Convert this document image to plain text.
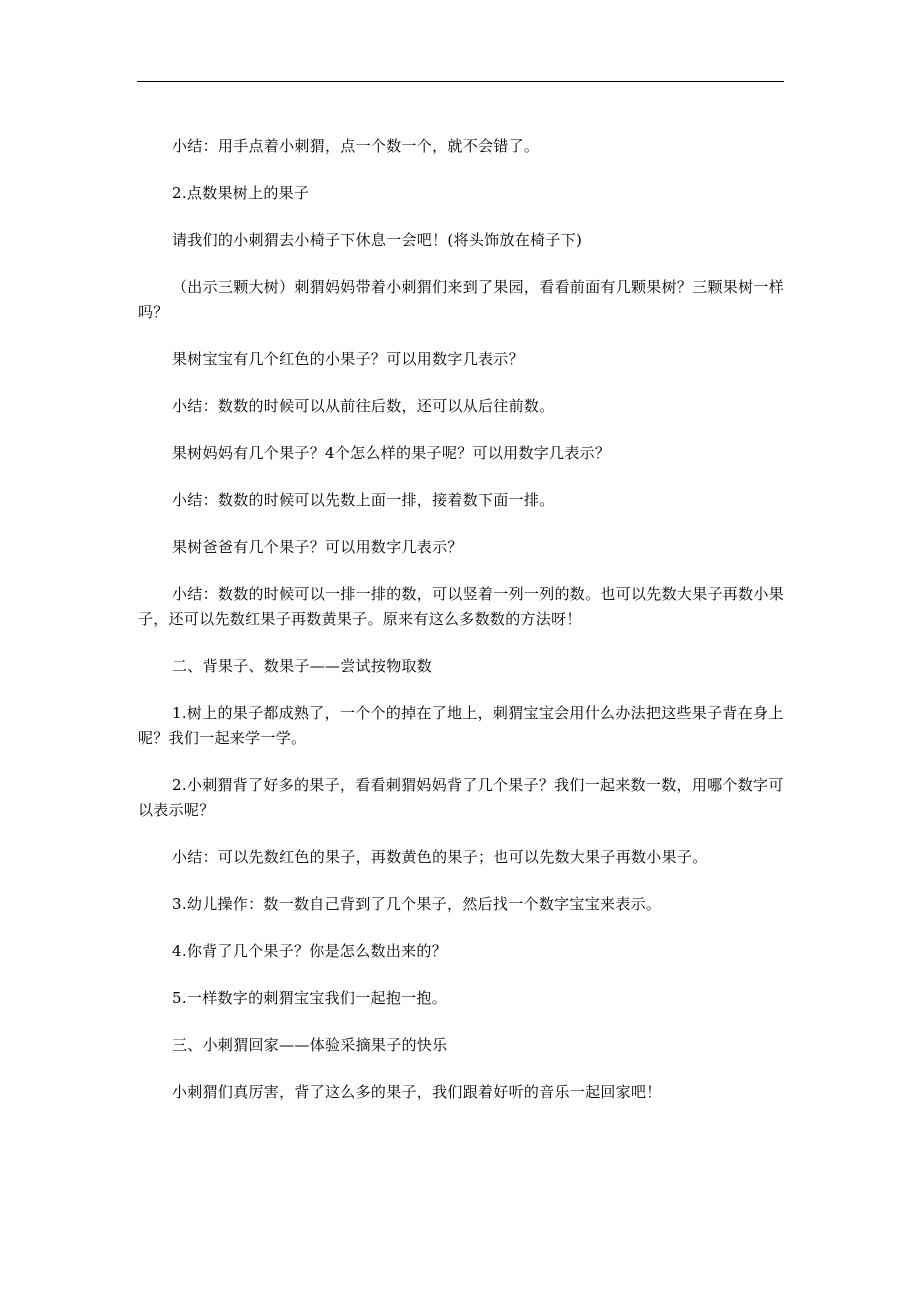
小结：用手点着小刺猬，点一个数一个，就不会错了。

2.点数果树上的果子

请我们的小刺猬去小椅子下休息一会吧！(将头饰放在椅子下)

（出示三颗大树）刺猬妈妈带着小刺猬们来到了果园，看看前面有几颗果树？三颗果树一样吗？

果树宝宝有几个红色的小果子？可以用数字几表示？

小结：数数的时候可以从前往后数，还可以从后往前数。

果树妈妈有几个果子？4个怎么样的果子呢？可以用数字几表示？

小结：数数的时候可以先数上面一排，接着数下面一排。

果树爸爸有几个果子？可以用数字几表示？

小结：数数的时候可以一排一排的数，可以竖着一列一列的数。也可以先数大果子再数小果子，还可以先数红果子再数黄果子。原来有这么多数数的方法呀！

二、背果子、数果子——尝试按物取数

1.树上的果子都成熟了，一个个的掉在了地上，刺猬宝宝会用什么办法把这些果子背在身上呢？我们一起来学一学。

2.小刺猬背了好多的果子，看看刺猬妈妈背了几个果子？我们一起来数一数，用哪个数字可以表示呢？

小结：可以先数红色的果子，再数黄色的果子；也可以先数大果子再数小果子。

3.幼儿操作：数一数自己背到了几个果子，然后找一个数字宝宝来表示。

4.你背了几个果子？你是怎么数出来的？

5.一样数字的刺猬宝宝我们一起抱一抱。

三、小刺猬回家——体验采摘果子的快乐

小刺猬们真厉害，背了这么多的果子，我们跟着好听的音乐一起回家吧！
